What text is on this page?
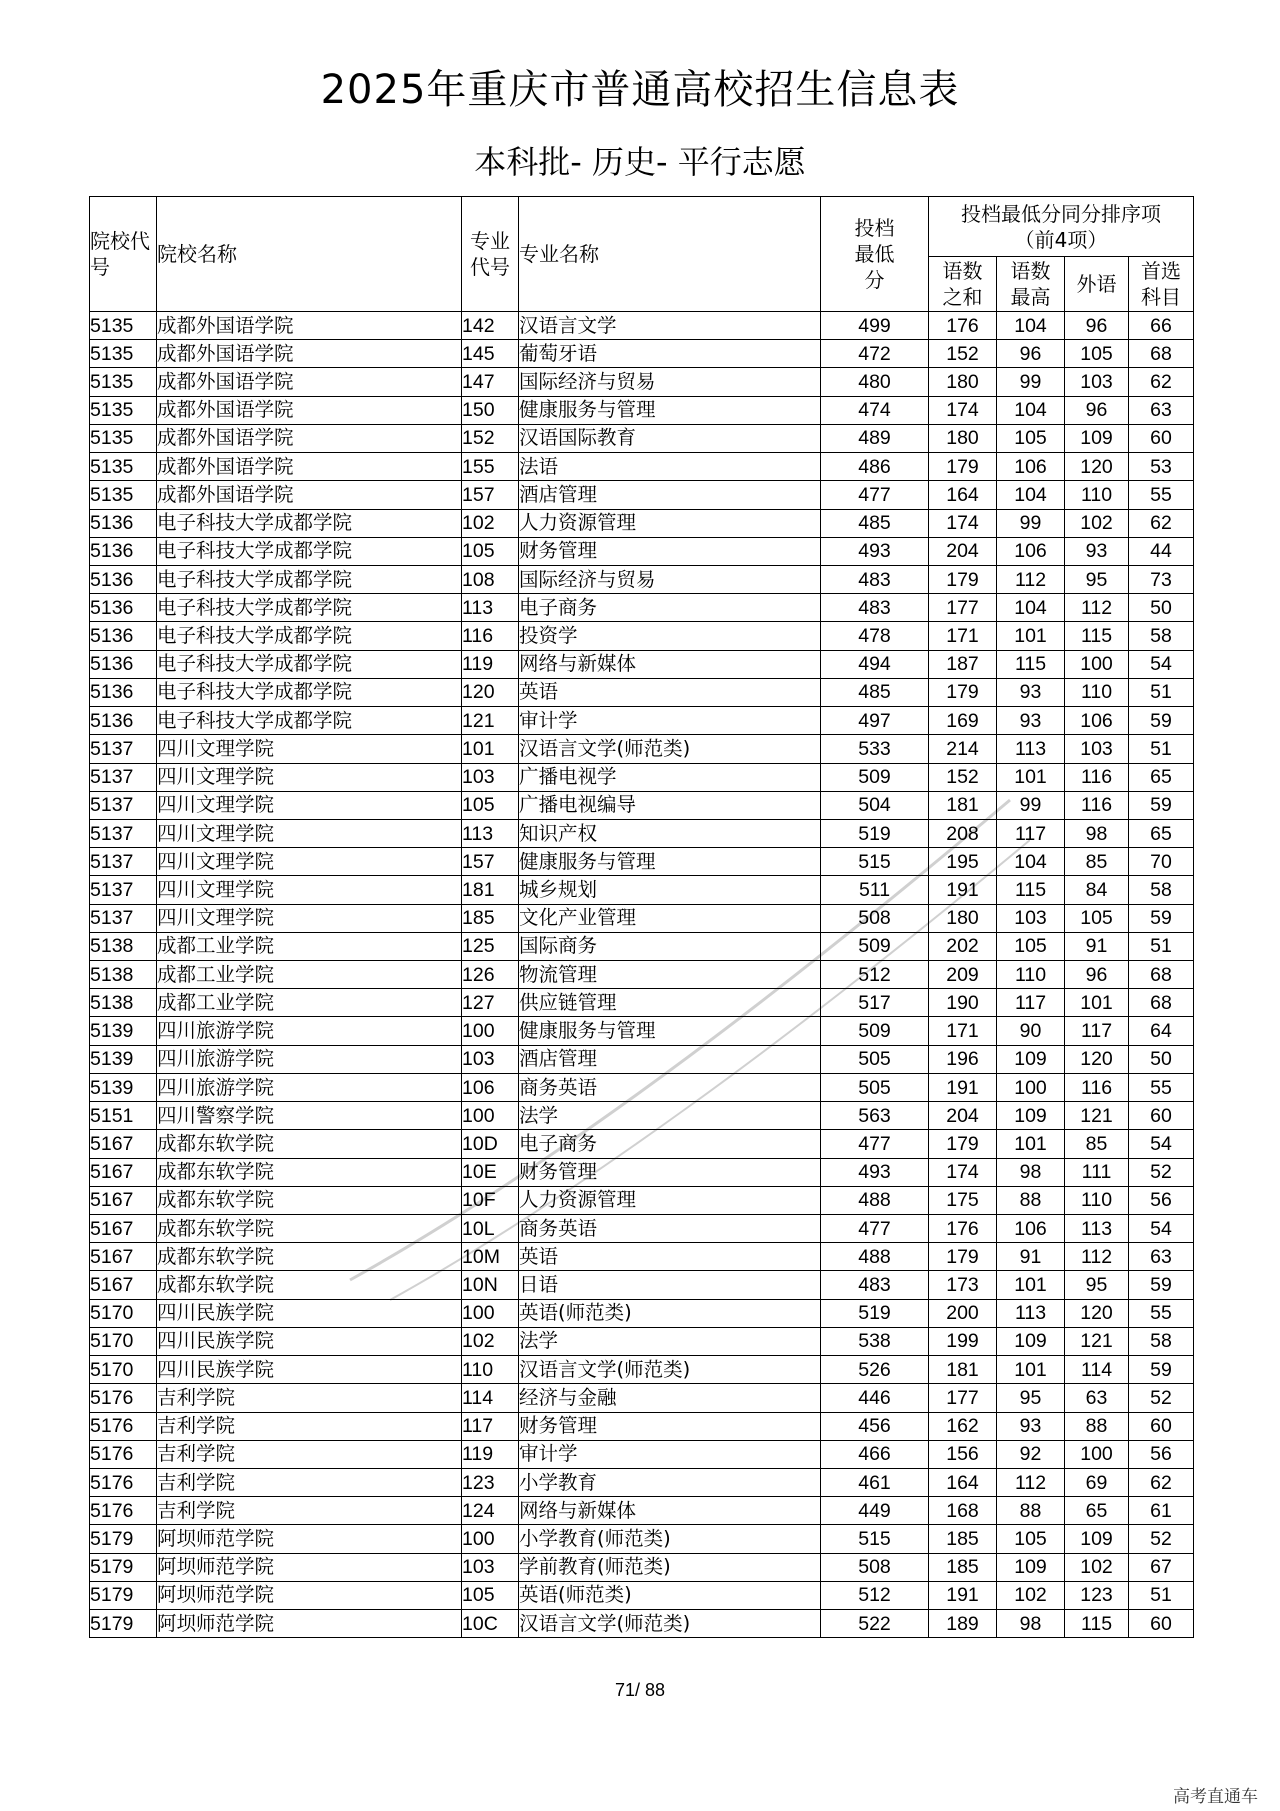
2025年重庆市普通高校招生信息表
本科批- 历史- 平行志愿
院校代号	院校名称	专业代号	专业名称	投档最低分	投档最低分同分排序项
（前4项）			

					语数之和	语数最高	外语	首选科目
5135	成都外国语学院	142	汉语言文学	499	176	104	96	66
5135	成都外国语学院	145	葡萄牙语	472	152	96	105	68
5135	成都外国语学院	147	国际经济与贸易	480	180	99	103	62
5135	成都外国语学院	150	健康服务与管理	474	174	104	96	63
5135	成都外国语学院	152	汉语国际教育	489	180	105	109	60
5135	成都外国语学院	155	法语	486	179	106	120	53
5135	成都外国语学院	157	酒店管理	477	164	104	110	55
5136	电子科技大学成都学院	102	人力资源管理	485	174	99	102	62
5136	电子科技大学成都学院	105	财务管理	493	204	106	93	44
5136	电子科技大学成都学院	108	国际经济与贸易	483	179	112	95	73
5136	电子科技大学成都学院	113	电子商务	483	177	104	112	50
5136	电子科技大学成都学院	116	投资学	478	171	101	115	58
5136	电子科技大学成都学院	119	网络与新媒体	494	187	115	100	54
5136	电子科技大学成都学院	120	英语	485	179	93	110	51
5136	电子科技大学成都学院	121	审计学	497	169	93	106	59
5137	四川文理学院	101	汉语言文学(师范类)	533	214	113	103	51
5137	四川文理学院	103	广播电视学	509	152	101	116	65
5137	四川文理学院	105	广播电视编导	504	181	99	116	59
5137	四川文理学院	113	知识产权	519	208	117	98	65
5137	四川文理学院	157	健康服务与管理	515	195	104	85	70
5137	四川文理学院	181	城乡规划	511	191	115	84	58
5137	四川文理学院	185	文化产业管理	508	180	103	105	59
5138	成都工业学院	125	国际商务	509	202	105	91	51
5138	成都工业学院	126	物流管理	512	209	110	96	68
5138	成都工业学院	127	供应链管理	517	190	117	101	68
5139	四川旅游学院	100	健康服务与管理	509	171	90	117	64
5139	四川旅游学院	103	酒店管理	505	196	109	120	50
5139	四川旅游学院	106	商务英语	505	191	100	116	55
5151	四川警察学院	100	法学	563	204	109	121	60
5167	成都东软学院	10D	电子商务	477	179	101	85	54
5167	成都东软学院	10E	财务管理	493	174	98	111	52
5167	成都东软学院	10F	人力资源管理	488	175	88	110	56
5167	成都东软学院	10L	商务英语	477	176	106	113	54
5167	成都东软学院	10M	英语	488	179	91	112	63
5167	成都东软学院	10N	日语	483	173	101	95	59
5170	四川民族学院	100	英语(师范类)	519	200	113	120	55
5170	四川民族学院	102	法学	538	199	109	121	58
5170	四川民族学院	110	汉语言文学(师范类)	526	181	101	114	59
5176	吉利学院	114	经济与金融	446	177	95	63	52
5176	吉利学院	117	财务管理	456	162	93	88	60
5176	吉利学院	119	审计学	466	156	92	100	56
5176	吉利学院	123	小学教育	461	164	112	69	62
5176	吉利学院	124	网络与新媒体	449	168	88	65	61
5179	阿坝师范学院	100	小学教育(师范类)	515	185	105	109	52
5179	阿坝师范学院	103	学前教育(师范类)	508	185	109	102	67
5179	阿坝师范学院	105	英语(师范类)	512	191	102	123	51
5179	阿坝师范学院	10C	汉语言文学(师范类)	522	189	98	115	60
71/ 88
高考直通车
